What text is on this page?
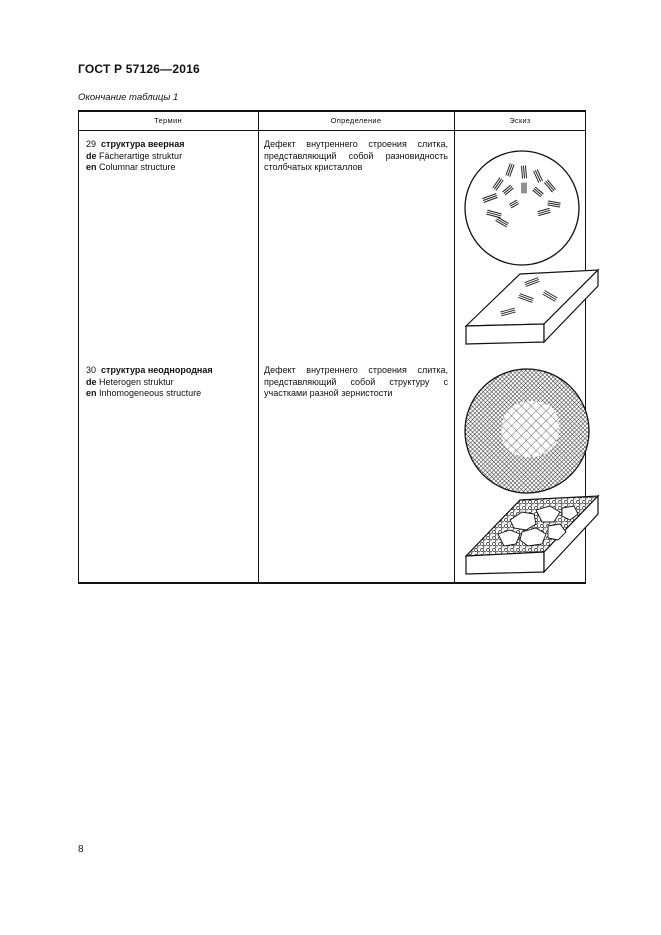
ГОСТ Р 57126—2016
Окончание таблицы 1
Термин	Определение	Эскиз
29 структура веерная
de Fächerartige struktur
en Columnar structure
Дефект внутреннего строения слитка, представляющий собой разновидность столбчатых кристаллов
30 структура неоднородная
de Heterogen struktur
en Inhomogeneous structure
Дефект внутреннего строения слитка, представляющий собой структуру с участками разной зернистости
8
